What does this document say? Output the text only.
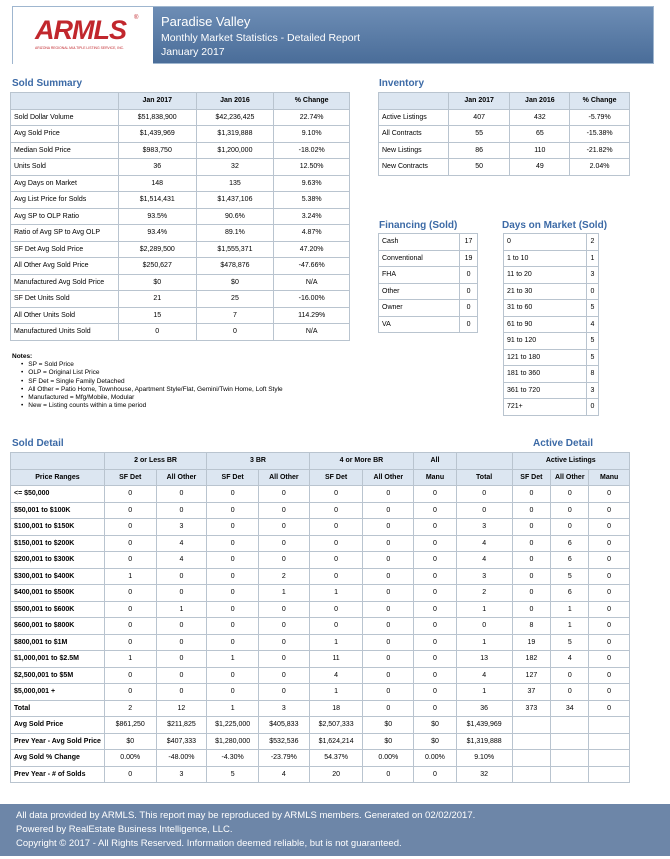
ARMLS ®
ARIZONA REGIONAL MULTIPLE LISTING SERVICE, INC.
Paradise Valley
Monthly Market Statistics - Detailed Report
January 2017
Sold Summary
	Jan 2017	Jan 2016	% Change
Sold Dollar Volume	$51,838,900	$42,236,425	22.74%
Avg Sold Price	$1,439,969	$1,319,888	9.10%
Median Sold Price	$983,750	$1,200,000	-18.02%
Units Sold	36	32	12.50%
Avg Days on Market	148	135	9.63%
Avg List Price for Solds	$1,514,431	$1,437,106	5.38%
Avg SP to OLP Ratio	93.5%	90.6%	3.24%
Ratio of Avg SP to Avg OLP	93.4%	89.1%	4.87%
SF Det Avg Sold Price	$2,289,500	$1,555,371	47.20%
All Other Avg Sold Price	$250,627	$478,876	-47.66%
Manufactured Avg Sold Price	$0	$0	N/A
SF Det Units Sold	21	25	-16.00%
All Other Units Sold	15	7	114.29%
Manufactured Units Sold	0	0	N/A
Inventory
	Jan 2017	Jan 2016	% Change
Active Listings	407	432	-5.79%
All Contracts	55	65	-15.38%
New Listings	86	110	-21.82%
New Contracts	50	49	2.04%
Financing (Sold)
Cash	17
Conventional	19
FHA	0
Other	0
Owner	0
VA	0
Days on Market (Sold)
0	2
1 to 10	1
11 to 20	3
21 to 30	0
31 to 60	5
61 to 90	4
91 to 120	5
121 to 180	5
181 to 360	8
361 to 720	3
721+	0
Notes:
• SP = Sold Price
• OLP = Original List Price
• SF Det = Single Family Detached
• All Other = Patio Home, Townhouse, Apartment Style/Flat, Gemini/Twin Home, Loft Style
• Manufactured = Mfg/Mobile, Modular
• New = Listing counts within a time period
Sold Detail	Active Detail
	2 or Less BR		3 BR		4 or More BR		All		Active Listings		
Price Ranges	SF Det	All Other	SF Det	All Other	SF Det	All Other	Manu	Total	SF Det	All Other	Manu
<= $50,000	0	0	0	0	0	0	0	0	0	0	0
$50,001 to $100K	0	0	0	0	0	0	0	0	0	0	0
$100,001 to $150K	0	3	0	0	0	0	0	3	0	0	0
$150,001 to $200K	0	4	0	0	0	0	0	4	0	6	0
$200,001 to $300K	0	4	0	0	0	0	0	4	0	6	0
$300,001 to $400K	1	0	0	2	0	0	0	3	0	5	0
$400,001 to $500K	0	0	0	1	1	0	0	2	0	6	0
$500,001 to $600K	0	1	0	0	0	0	0	1	0	1	0
$600,001 to $800K	0	0	0	0	0	0	0	0	8	1	0
$800,001 to $1M	0	0	0	0	1	0	0	1	19	5	0
$1,000,001 to $2.5M	1	0	1	0	11	0	0	13	182	4	0
$2,500,001 to $5M	0	0	0	0	4	0	0	4	127	0	0
$5,000,001 +	0	0	0	0	1	0	0	1	37	0	0
Total	2	12	1	3	18	0	0	36	373	34	0
Avg Sold Price	$861,250	$211,825	$1,225,000	$405,833	$2,507,333	$0	$0	$1,439,969			
Prev Year - Avg Sold Price	$0	$407,333	$1,280,000	$532,536	$1,624,214	$0	$0	$1,319,888			
Avg Sold % Change	0.00%	-48.00%	-4.30%	-23.79%	54.37%	0.00%	0.00%	9.10%			
Prev Year - # of Solds	0	3	5	4	20	0	0	32			
All data provided by ARMLS. This report may be reproduced by ARMLS members. Generated on 02/02/2017.
Powered by RealEstate Business Intelligence, LLC.
Copyright © 2017 - All Rights Reserved. Information deemed reliable, but is not guaranteed.
